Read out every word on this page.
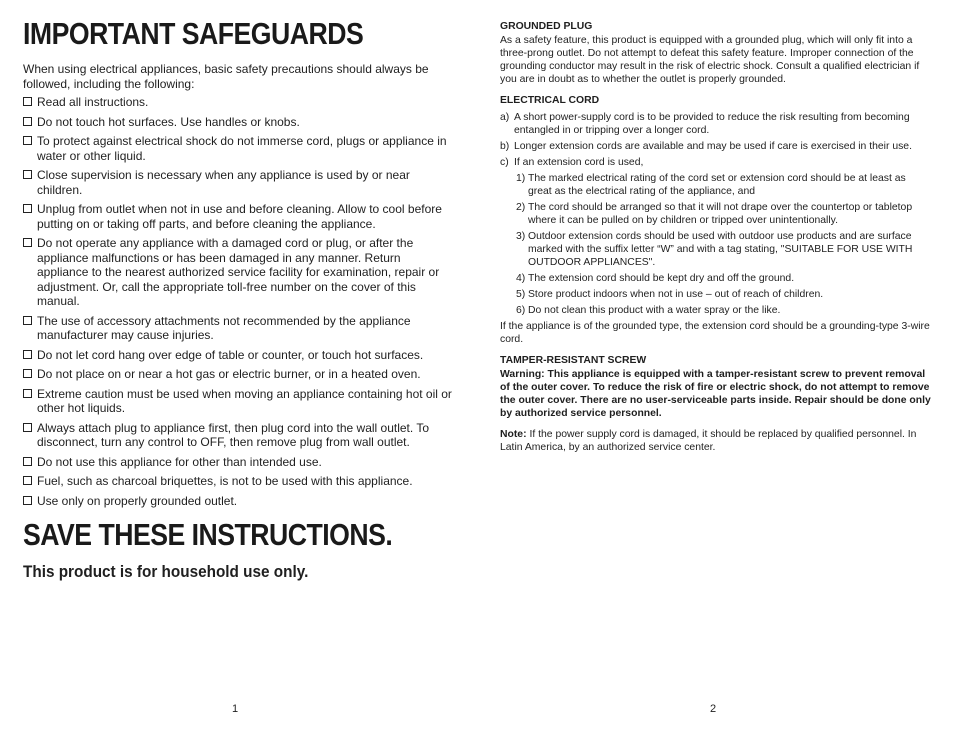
IMPORTANT SAFEGUARDS
When using electrical appliances, basic safety precautions should always be followed, including the following:
Read all instructions.
Do not touch hot surfaces. Use handles or knobs.
To protect against electrical shock do not immerse cord, plugs or appliance in water or other liquid.
Close supervision is necessary when any appliance is used by or near children.
Unplug from outlet when not in use and before cleaning. Allow to cool before putting on or taking off parts, and before cleaning the appliance.
Do not operate any appliance with a damaged cord or plug, or after the appliance malfunctions or has been damaged in any manner. Return appliance to the nearest authorized service facility for examination, repair or adjustment. Or, call the appropriate toll-free number on the cover of this manual.
The use of accessory attachments not recommended by the appliance manufacturer may cause injuries.
Do not let cord hang over edge of table or counter, or touch hot surfaces.
Do not place on or near a hot gas or electric burner, or in a heated oven.
Extreme caution must be used when moving an appliance containing hot oil or other hot liquids.
Always attach plug to appliance first, then plug cord into the wall outlet. To disconnect, turn any control to OFF, then remove plug from wall outlet.
Do not use this appliance for other than intended use.
Fuel, such as charcoal briquettes, is not to be used with this appliance.
Use only on properly grounded outlet.
SAVE THESE INSTRUCTIONS.
This product is for household use only.
1
GROUNDED PLUG

As a safety feature, this product is equipped with a grounded plug, which will only fit into a three-prong outlet. Do not attempt to defeat this safety feature. Improper connection of the grounding conductor may result in the risk of electric shock. Consult a qualified electrician if you are in doubt as to whether the outlet is properly grounded.

ELECTRICAL CORD
a) A short power-supply cord is to be provided to reduce the risk resulting from becoming entangled in or tripping over a longer cord.
b) Longer extension cords are available and may be used if care is exercised in their use.
c) If an extension cord is used,
1) The marked electrical rating of the cord set or extension cord should be at least as great as the electrical rating of the appliance, and
2) The cord should be arranged so that it will not drape over the countertop or tabletop where it can be pulled on by children or tripped over unintentionally.
3) Outdoor extension cords should be used with outdoor use products and are surface marked with the suffix letter “W” and with a tag stating, "SUITABLE FOR USE WITH OUTDOOR APPLIANCES".
4) The extension cord should be kept dry and off the ground.
5) Store product indoors when not in use – out of reach of children.
6) Do not clean this product with a water spray or the like.

If the appliance is of the grounded type, the extension cord should be a grounding-type 3-wire cord.

TAMPER-RESISTANT SCREW

Warning: This appliance is equipped with a tamper-resistant screw to prevent removal of the outer cover. To reduce the risk of fire or electric shock, do not attempt to remove the outer cover. There are no user-serviceable parts inside. Repair should be done only by authorized service personnel.

Note: If the power supply cord is damaged, it should be replaced by qualified personnel. In Latin America, by an authorized service center.

2
